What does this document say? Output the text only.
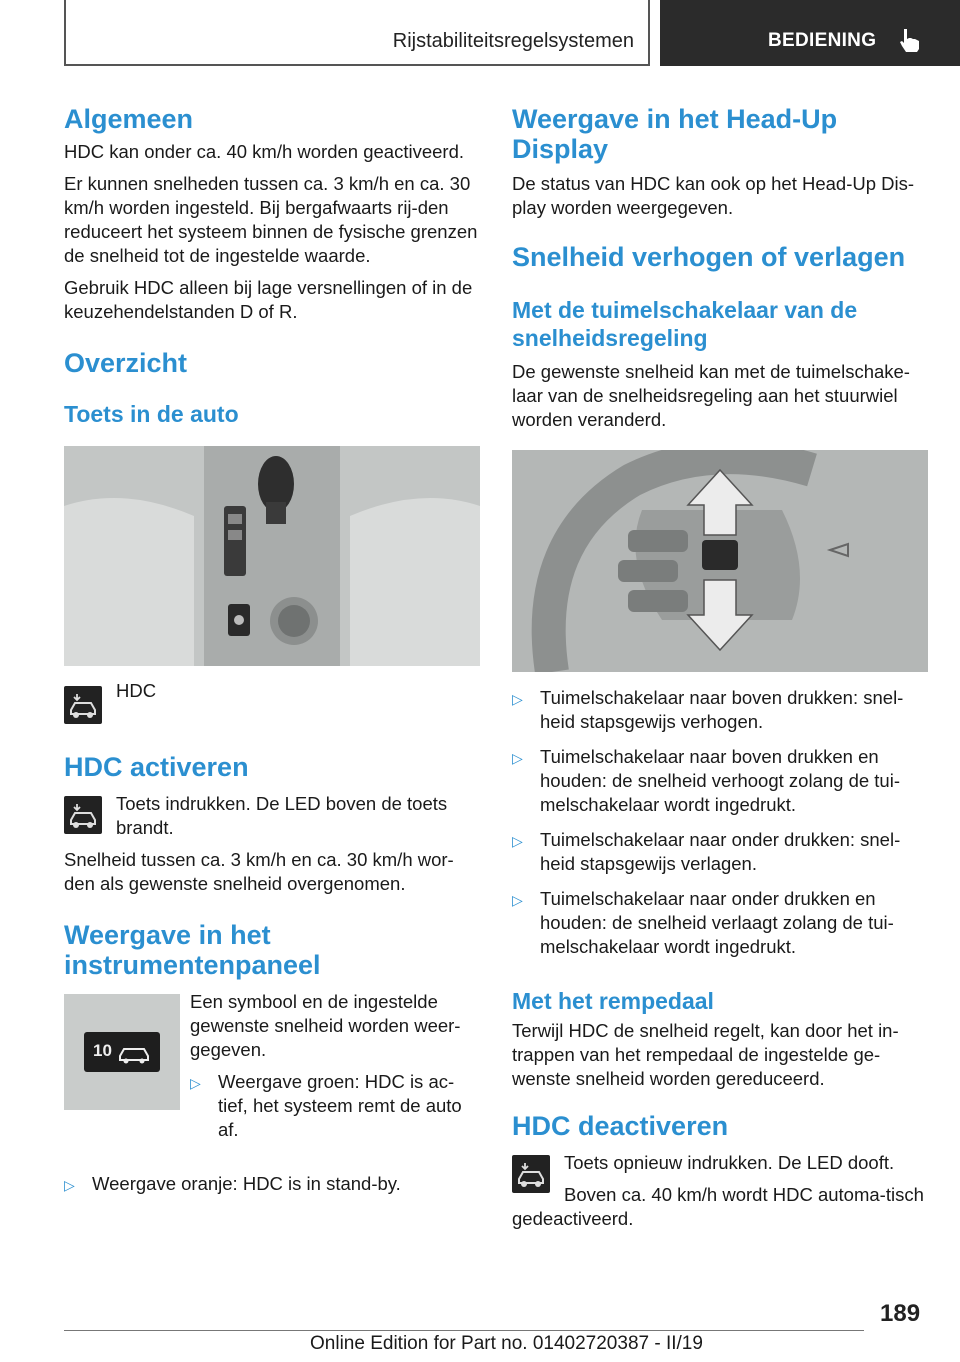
Rijstabiliteitsregelsystemen	BEDIENING
Algemeen
HDC kan onder ca. 40 km/h worden geactiveerd.
Er kunnen snelheden tussen ca. 3 km/h en ca. 30 km/h worden ingesteld. Bij bergafwaarts rij-den reduceert het systeem binnen de fysische grenzen de snelheid tot de ingestelde waarde.
Gebruik HDC alleen bij lage versnellingen of in de keuzehendelstanden D of R.
Overzicht
Toets in de auto
HDC
HDC activeren
Toets indrukken. De LED boven de toets brandt.
Snelheid tussen ca. 3 km/h en ca. 30 km/h wor-den als gewenste snelheid overgenomen.
Weergave in het
instrumentenpaneel
10
Een symbool en de ingestelde gewenste snelheid worden weer-gegeven.
▷ Weergave groen: HDC is ac-tief, het systeem remt de auto af.
▷ Weergave oranje: HDC is in stand-by.
Weergave in het Head-Up
Display
De status van HDC kan ook op het Head-Up Dis-play worden weergegeven.
Snelheid verhogen of verlagen
Met de tuimelschakelaar van de
snelheidsregeling
De gewenste snelheid kan met de tuimelschake-laar van de snelheidsregeling aan het stuurwiel worden veranderd.
▷ Tuimelschakelaar naar boven drukken: snel-heid stapsgewijs verhogen.
▷ Tuimelschakelaar naar boven drukken en houden: de snelheid verhoogt zolang de tui-melschakelaar wordt ingedrukt.
▷ Tuimelschakelaar naar onder drukken: snel-heid stapsgewijs verlagen.
▷ Tuimelschakelaar naar onder drukken en houden: de snelheid verlaagt zolang de tui-melschakelaar wordt ingedrukt.
Met het rempedaal
Terwijl HDC de snelheid regelt, kan door het in-trappen van het rempedaal de ingestelde ge-wenste snelheid worden gereduceerd.
HDC deactiveren
Toets opnieuw indrukken. De LED dooft.
Boven ca. 40 km/h wordt HDC automa-tisch gedeactiveerd.
189
Online Edition for Part no. 01402720387 - II/19
